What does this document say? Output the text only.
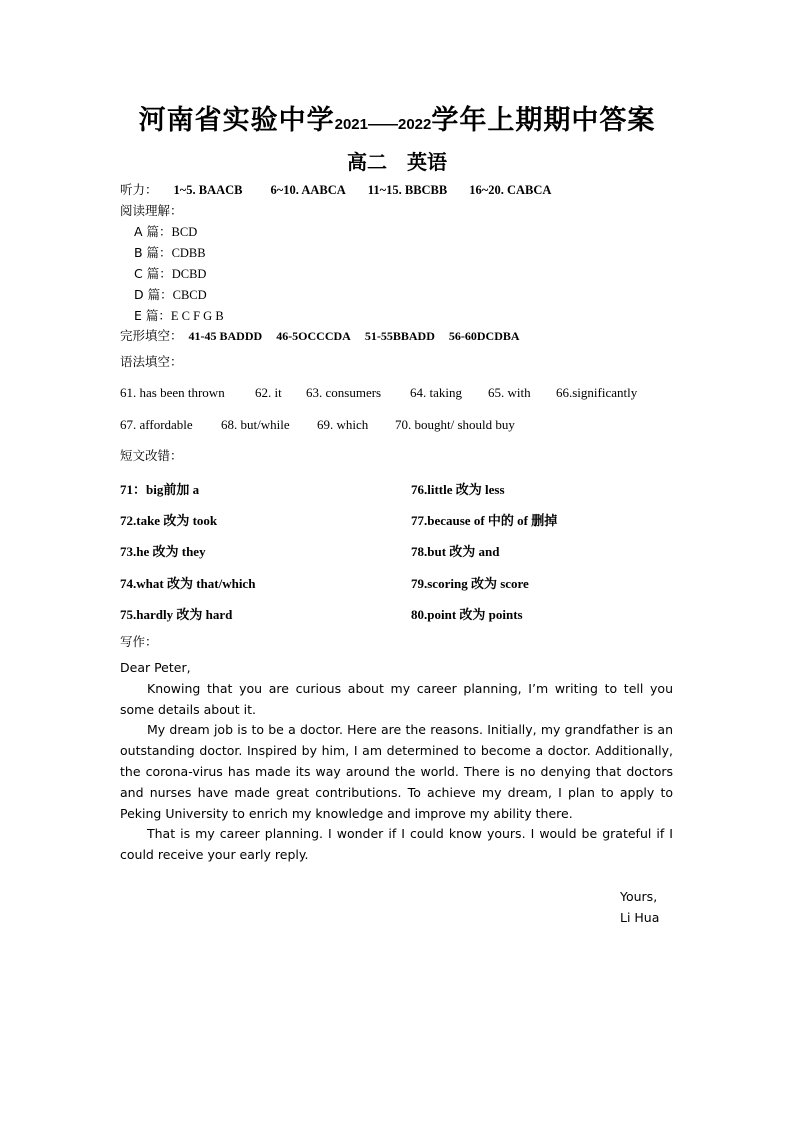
河南省实验中学2021——2022学年上期期中答案
高二　英语
听力： 1~5. BAACB 6~10. AABCA 11~15. BBCBB 16~20. CABCA
阅读理解：
A 篇：BCD
B 篇：CDBB
C 篇：DCBD
D 篇：CBCD
E 篇：E C F G B
完形填空： 41-45 BADDD 46-5OCCCDA 51-55BBADD 56-60DCDBA
语法填空：
61. has been thrown 62. it 63. consumers 64. taking 65. with 66.significantly
67. affordable 68. but/while 69. which 70. bought/ should buy
短文改错：
71：big前加 a
72.take 改为 took
73.he 改为 they
74.what 改为 that/which
75.hardly 改为 hard
76.little 改为 less
77.because of 中的 of 删掉
78.but 改为 and
79.scoring 改为 score
80.point 改为 points
写作：

Dear Peter,

Knowing that you are curious about my career planning, I’m writing to tell you some details about it.

My dream job is to be a doctor. Here are the reasons. Initially, my grandfather is an outstanding doctor. Inspired by him, I am determined to become a doctor. Additionally, the corona-virus has made its way around the world. There is no denying that doctors and nurses have made great contributions. To achieve my dream, I plan to apply to Peking University to enrich my knowledge and improve my ability there.

That is my career planning. I wonder if I could know yours. I would be grateful if I could receive your early reply.

Yours,
Li Hua
